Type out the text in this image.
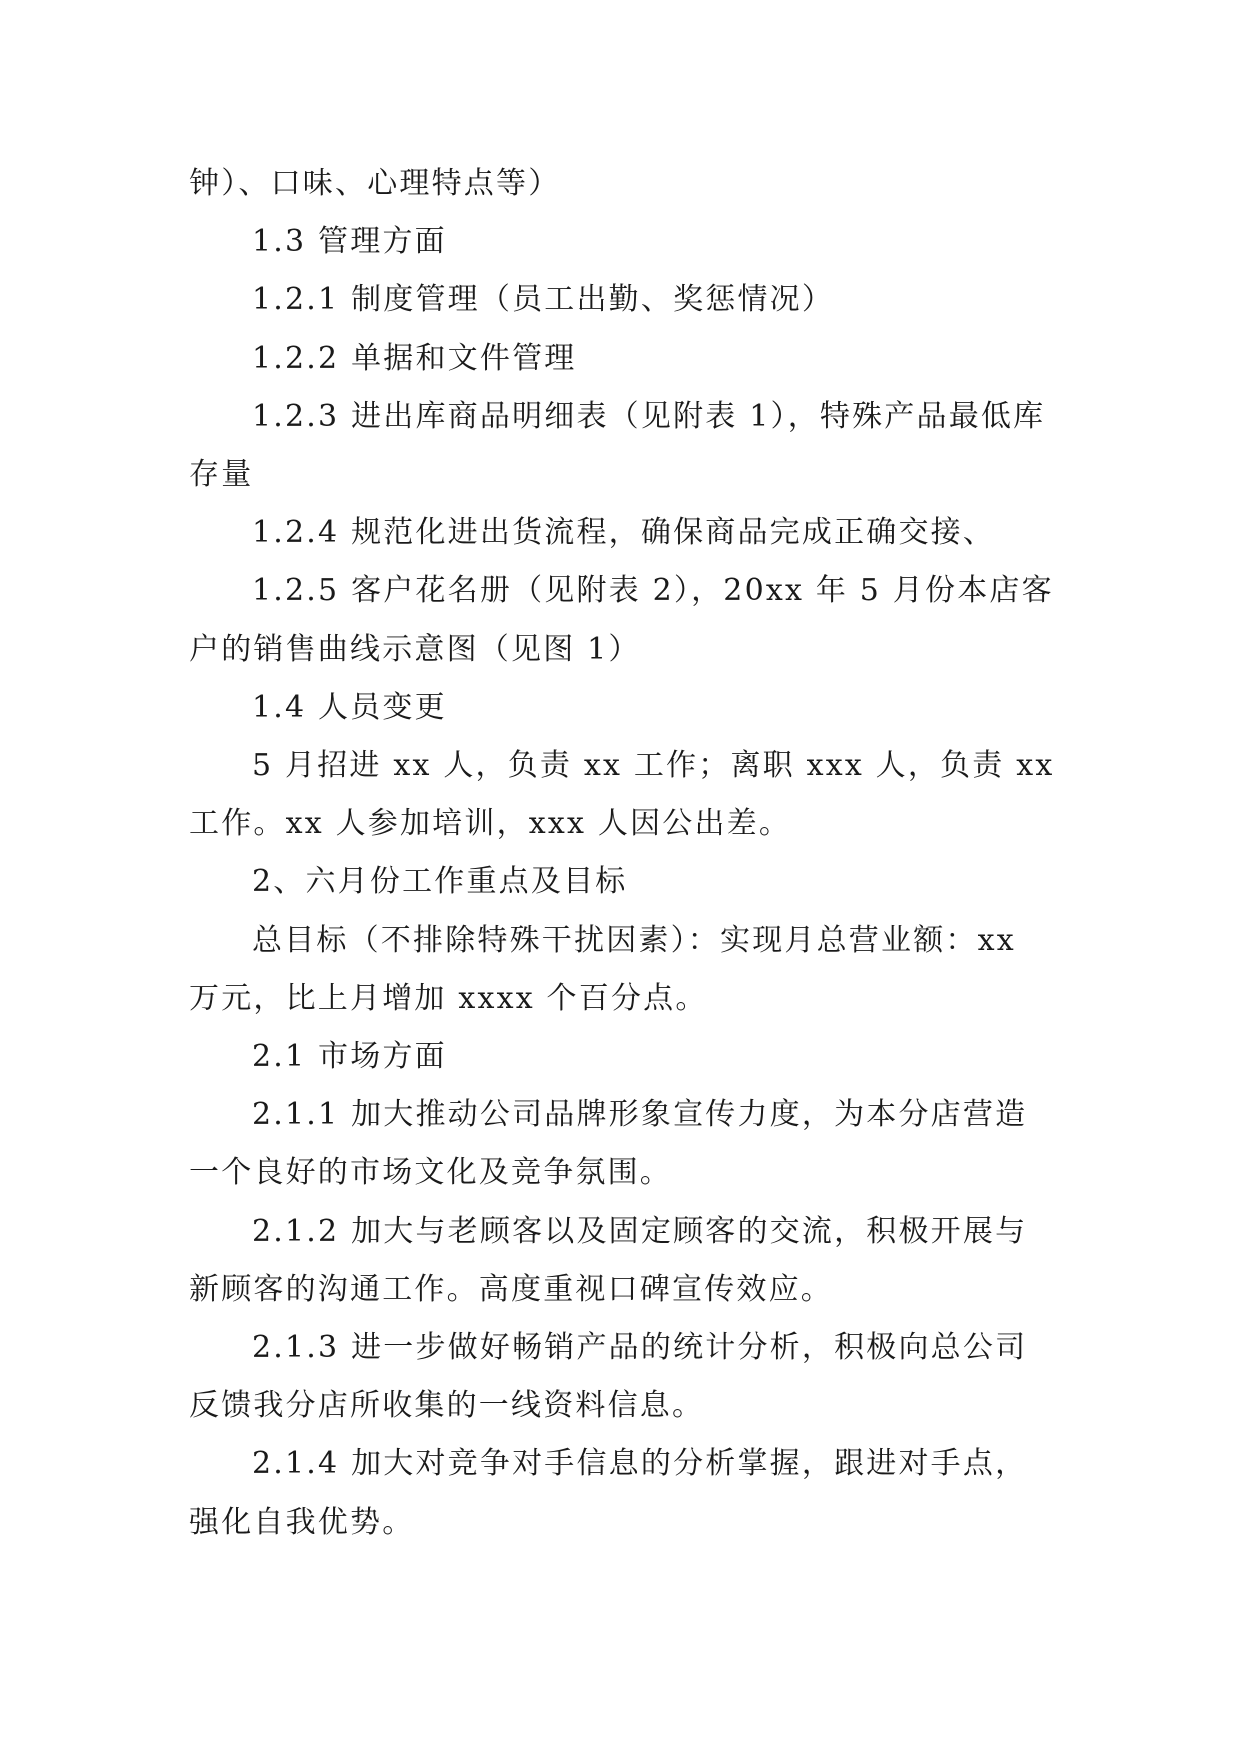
钟）、口味、心理特点等）

1.3 管理方面

1.2.1 制度管理（员工出勤、奖惩情况）

1.2.2 单据和文件管理

1.2.3 进出库商品明细表（见附表 1），特殊产品最低库存量

1.2.4 规范化进出货流程，确保商品完成正确交接、

1.2.5 客户花名册（见附表 2），20xx 年 5 月份本店客户的销售曲线示意图（见图 1）

1.4 人员变更

5 月招进 xx 人，负责 xx 工作；离职 xxx 人，负责 xx 工作。xx 人参加培训，xxx 人因公出差。

2、六月份工作重点及目标

总目标（不排除特殊干扰因素）：实现月总营业额：xx 万元，比上月增加 xxxx 个百分点。

2.1 市场方面

2.1.1 加大推动公司品牌形象宣传力度，为本分店营造一个良好的市场文化及竞争氛围。

2.1.2 加大与老顾客以及固定顾客的交流，积极开展与新顾客的沟通工作。高度重视口碑宣传效应。

2.1.3 进一步做好畅销产品的统计分析，积极向总公司反馈我分店所收集的一线资料信息。

2.1.4 加大对竞争对手信息的分析掌握，跟进对手点，强化自我优势。
